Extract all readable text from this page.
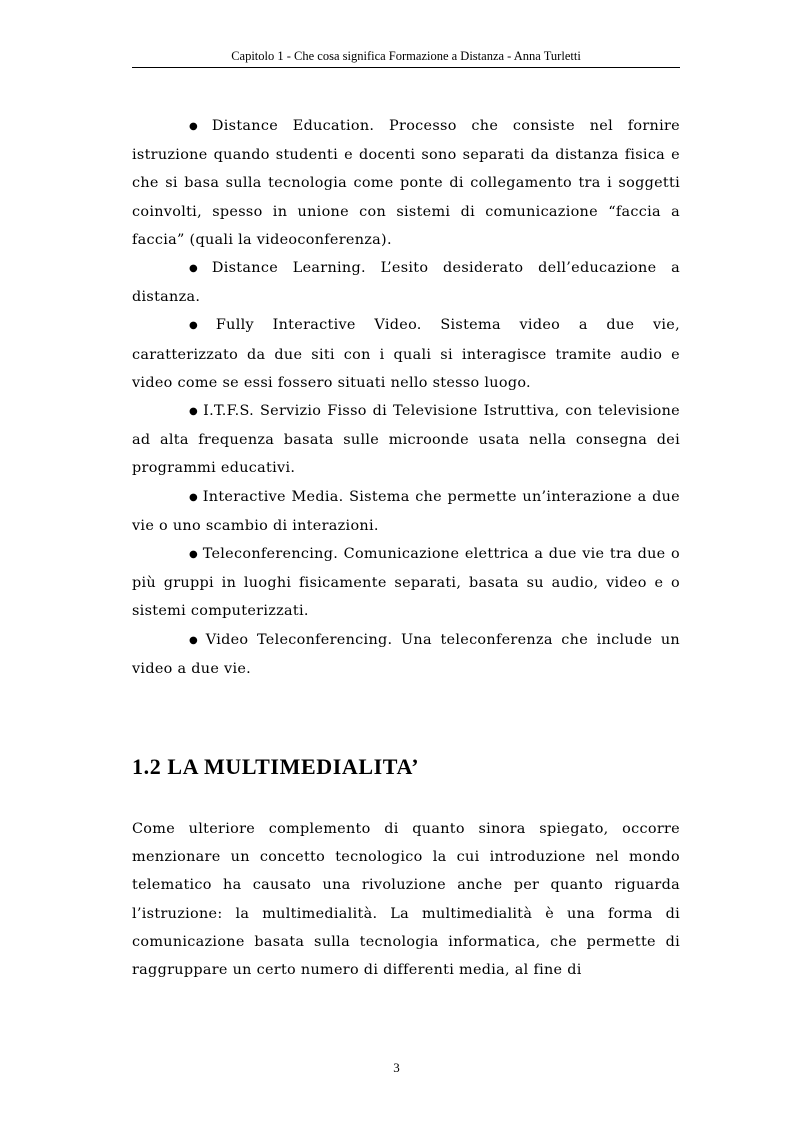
Capitolo 1 - Che cosa significa Formazione a Distanza - Anna Turletti
● Distance Education. Processo che consiste nel fornire istruzione quando studenti e docenti sono separati da distanza fisica e che si basa sulla tecnologia come ponte di collegamento tra i soggetti coinvolti, spesso in unione con sistemi di comunicazione “faccia a faccia” (quali la videoconferenza).
● Distance Learning. L’esito desiderato dell’educazione a distanza.
● Fully Interactive Video. Sistema video a due vie, caratterizzato da due siti con i quali si interagisce tramite audio e video come se essi fossero situati nello stesso luogo.
● I.T.F.S. Servizio Fisso di Televisione Istruttiva, con televisione ad alta frequenza basata sulle microonde usata nella consegna dei programmi educativi.
● Interactive Media. Sistema che permette un’interazione a due vie o uno scambio di interazioni.
● Teleconferencing. Comunicazione elettrica a due vie tra due o più gruppi in luoghi fisicamente separati, basata su audio, video e o sistemi computerizzati.
● Video Teleconferencing. Una teleconferenza che include un video a due vie.
1.2 LA MULTIMEDIALITA’

Come ulteriore complemento di quanto sinora spiegato, occorre menzionare un concetto tecnologico la cui introduzione nel mondo telematico ha causato una rivoluzione anche per quanto riguarda l’istruzione: la multimedialità. La multimedialità è una forma di comunicazione basata sulla tecnologia informatica, che permette di raggruppare un certo numero di differenti media, al fine di

3
